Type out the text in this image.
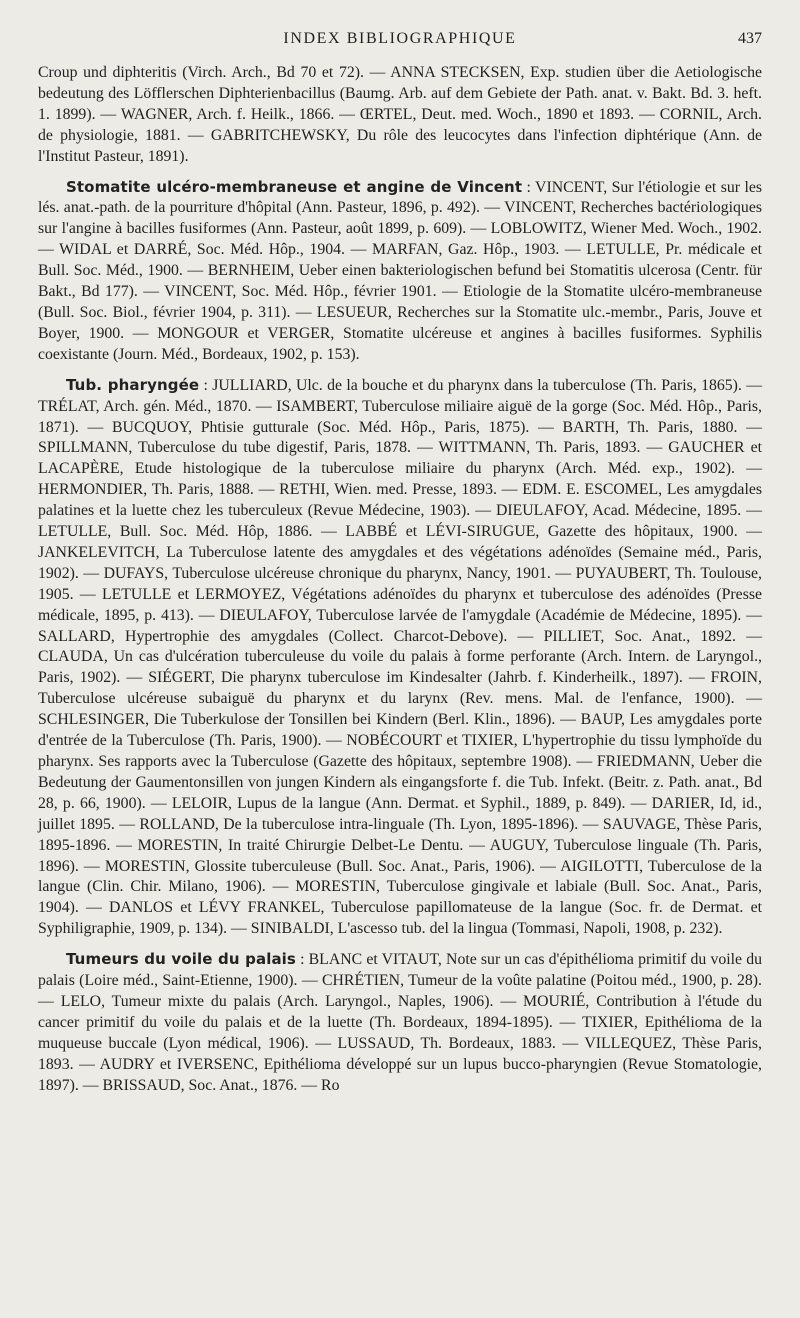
INDEX BIBLIOGRAPHIQUE	437

Croup und diphteritis (Virch. Arch., Bd 70 et 72). — ANNA STECKSEN, Exp. studien über die Aetiologische bedeutung des Löfflerschen Diphterienbacillus (Baumg. Arb. auf dem Gebiete der Path. anat. v. Bakt. Bd. 3. heft. 1. 1899). — WAGNER, Arch. f. Heilk., 1866. — ŒRTEL, Deut. med. Woch., 1890 et 1893. — CORNIL, Arch. de physiologie, 1881. — GABRITCHEWSKY, Du rôle des leucocytes dans l'infection diphtérique (Ann. de l'Institut Pasteur, 1891).

Stomatite ulcéro-membraneuse et angine de Vincent : VINCENT, Sur l'étiologie et sur les lés. anat.-path. de la pourriture d'hôpital (Ann. Pasteur, 1896, p. 492). — VINCENT, Recherches bactériologiques sur l'angine à bacilles fusiformes (Ann. Pasteur, août 1899, p. 609). — LOBLOWITZ, Wiener Med. Woch., 1902. — WIDAL et DARRÉ, Soc. Méd. Hôp., 1904. — MARFAN, Gaz. Hôp., 1903. — LETULLE, Pr. médicale et Bull. Soc. Méd., 1900. — BERNHEIM, Ueber einen bakteriologischen befund bei Stomatitis ulcerosa (Centr. für Bakt., Bd 177). — VINCENT, Soc. Méd. Hôp., février 1901. — Etiologie de la Stomatite ulcéro-membraneuse (Bull. Soc. Biol., février 1904, p. 311). — LESUEUR, Recherches sur la Stomatite ulc.-membr., Paris, Jouve et Boyer, 1900. — MONGOUR et VERGER, Stomatite ulcéreuse et angines à bacilles fusiformes. Syphilis coexistante (Journ. Méd., Bordeaux, 1902, p. 153).

Tub. pharyngée : JULLIARD, Ulc. de la bouche et du pharynx dans la tuberculose (Th. Paris, 1865). — TRÉLAT, Arch. gén. Méd., 1870. — ISAMBERT, Tuberculose miliaire aiguë de la gorge (Soc. Méd. Hôp., Paris, 1871). — BUCQUOY, Phtisie gutturale (Soc. Méd. Hôp., Paris, 1875). — BARTH, Th. Paris, 1880. — SPILLMANN, Tuberculose du tube digestif, Paris, 1878. — WITTMANN, Th. Paris, 1893. — GAUCHER et LACAPÈRE, Etude histologique de la tuberculose miliaire du pharynx (Arch. Méd. exp., 1902). — HERMONDIER, Th. Paris, 1888. — RETHI, Wien. med. Presse, 1893. — EDM. E. ESCOMEL, Les amygdales palatines et la luette chez les tuberculeux (Revue Médecine, 1903). — DIEULAFOY, Acad. Médecine, 1895. — LETULLE, Bull. Soc. Méd. Hôp, 1886. — LABBÉ et LÉVI-SIRUGUE, Gazette des hôpitaux, 1900. — JANKELEVITCH, La Tuberculose latente des amygdales et des végétations adénoïdes (Semaine méd., Paris, 1902). — DUFAYS, Tuberculose ulcéreuse chronique du pharynx, Nancy, 1901. — PUYAUBERT, Th. Toulouse, 1905. — LETULLE et LERMOYEZ, Végétations adénoïdes du pharynx et tuberculose des adénoïdes (Presse médicale, 1895, p. 413). — DIEULAFOY, Tuberculose larvée de l'amygdale (Académie de Médecine, 1895). — SALLARD, Hypertrophie des amygdales (Collect. Charcot-Debove). — PILLIET, Soc. Anat., 1892. — CLAUDA, Un cas d'ulcération tuberculeuse du voile du palais à forme perforante (Arch. Intern. de Laryngol., Paris, 1902). — SIÉGERT, Die pharynx tuberculose im Kindesalter (Jahrb. f. Kinderheilk., 1897). — FROIN, Tuberculose ulcéreuse subaiguë du pharynx et du larynx (Rev. mens. Mal. de l'enfance, 1900). — SCHLESINGER, Die Tuberkulose der Tonsillen bei Kindern (Berl. Klin., 1896). — BAUP, Les amygdales porte d'entrée de la Tuberculose (Th. Paris, 1900). — NOBÉCOURT et TIXIER, L'hypertrophie du tissu lymphoïde du pharynx. Ses rapports avec la Tuberculose (Gazette des hôpitaux, septembre 1908). — FRIEDMANN, Ueber die Bedeutung der Gaumentonsillen von jungen Kindern als eingangsforte f. die Tub. Infekt. (Beitr. z. Path. anat., Bd 28, p. 66, 1900). — LELOIR, Lupus de la langue (Ann. Dermat. et Syphil., 1889, p. 849). — DARIER, Id, id., juillet 1895. — ROLLAND, De la tuberculose intra-linguale (Th. Lyon, 1895-1896). — SAUVAGE, Thèse Paris, 1895-1896. — MORESTIN, In traité Chirurgie Delbet-Le Dentu. — AUGUY, Tuberculose linguale (Th. Paris, 1896). — MORESTIN, Glossite tuberculeuse (Bull. Soc. Anat., Paris, 1906). — AIGILOTTI, Tuberculose de la langue (Clin. Chir. Milano, 1906). — MORESTIN, Tuberculose gingivale et labiale (Bull. Soc. Anat., Paris, 1904). — DANLOS et LÉVY FRANKEL, Tuberculose papillomateuse de la langue (Soc. fr. de Dermat. et Syphiligraphie, 1909, p. 134). — SINIBALDI, L'ascesso tub. del la lingua (Tommasi, Napoli, 1908, p. 232).

Tumeurs du voile du palais : BLANC et VITAUT, Note sur un cas d'épithélioma primitif du voile du palais (Loire méd., Saint-Etienne, 1900). — CHRÉTIEN, Tumeur de la voûte palatine (Poitou méd., 1900, p. 28). — LELO, Tumeur mixte du palais (Arch. Laryngol., Naples, 1906). — MOURIÉ, Contribution à l'étude du cancer primitif du voile du palais et de la luette (Th. Bordeaux, 1894-1895). — TIXIER, Epithélioma de la muqueuse buccale (Lyon médical, 1906). — LUSSAUD, Th. Bordeaux, 1883. — VILLEQUEZ, Thèse Paris, 1893. — AUDRY et IVERSENC, Epithélioma développé sur un lupus bucco-pharyngien (Revue Stomatologie, 1897). — BRISSAUD, Soc. Anat., 1876. — Ro
